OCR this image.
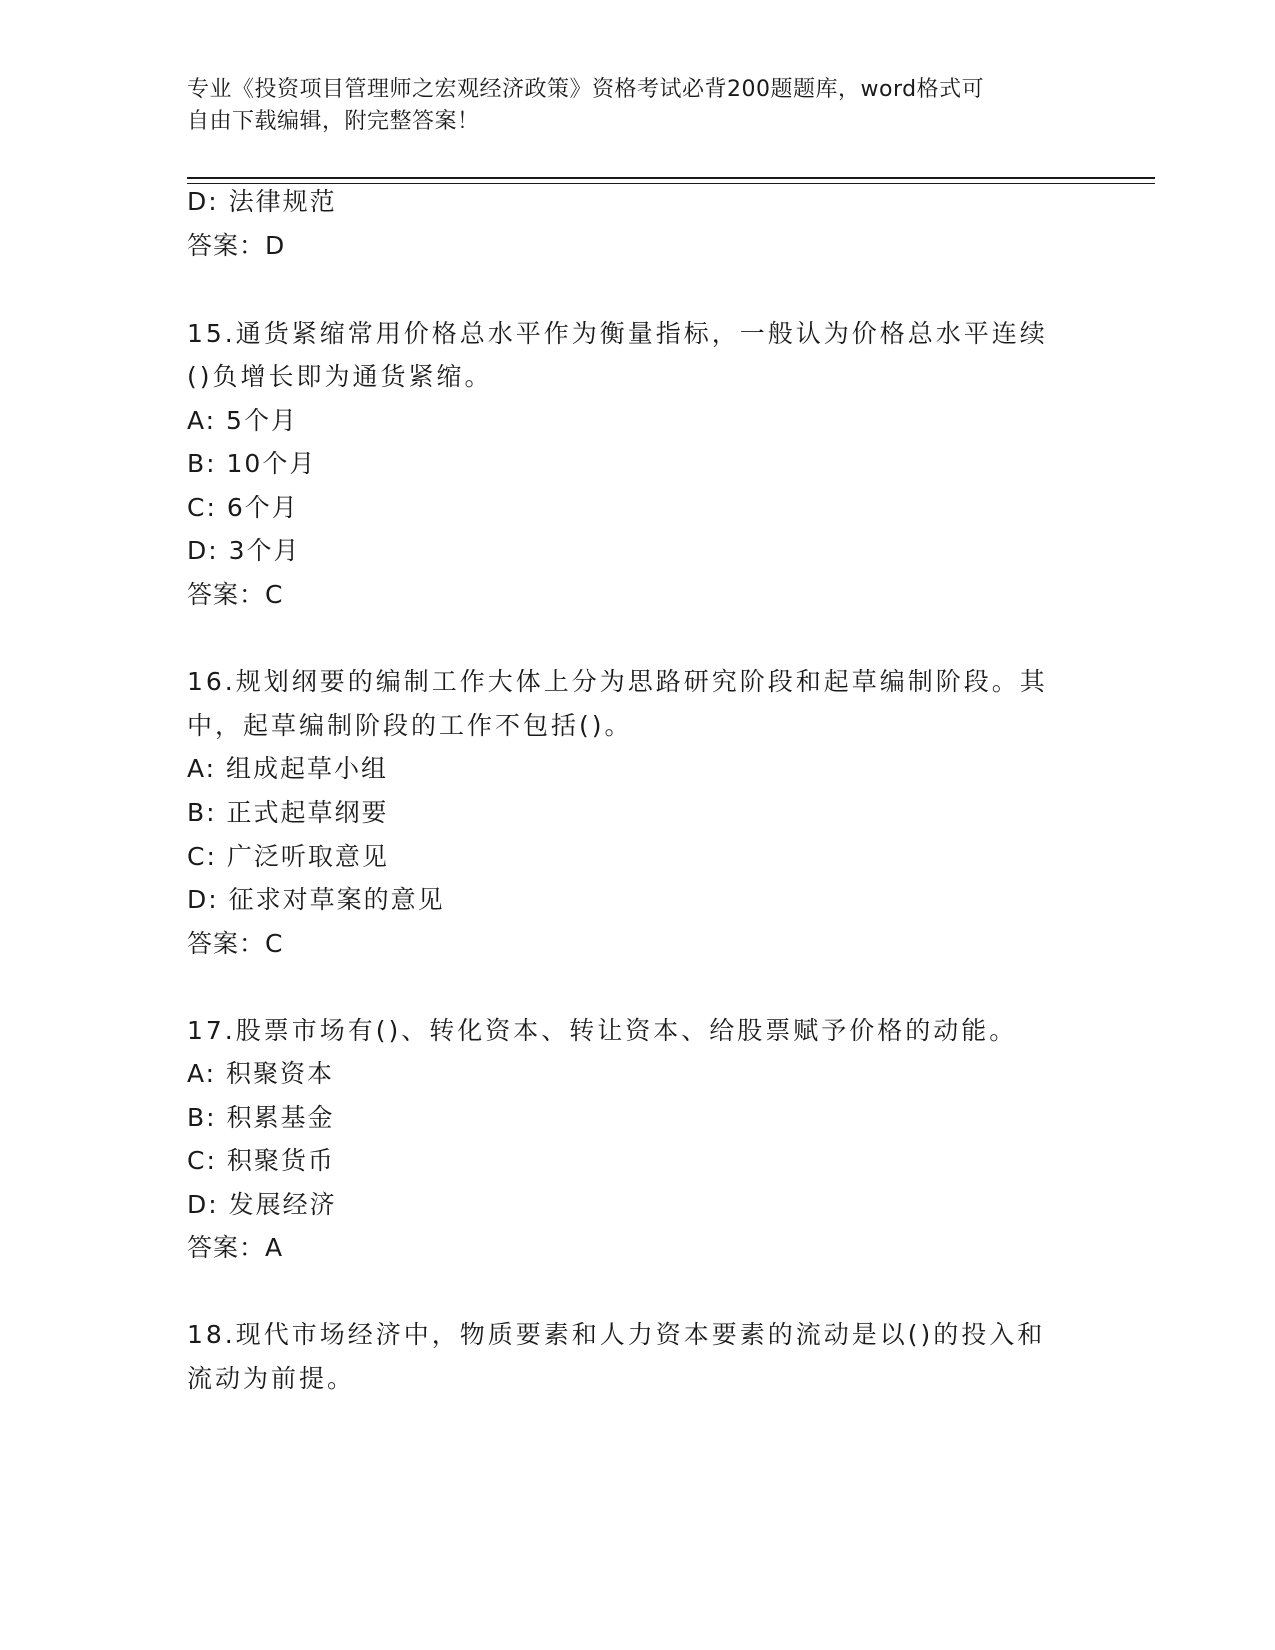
专业《投资项目管理师之宏观经济政策》资格考试必背200题题库，word格式可
自由下载编辑，附完整答案！
D: 法律规范
答案：D
15.通货紧缩常用价格总水平作为衡量指标，一般认为价格总水平连续
()负增长即为通货紧缩。
A: 5个月
B: 10个月
C: 6个月
D: 3个月
答案：C
16.规划纲要的编制工作大体上分为思路研究阶段和起草编制阶段。其
中，起草编制阶段的工作不包括()。
A: 组成起草小组
B: 正式起草纲要
C: 广泛听取意见
D: 征求对草案的意见
答案：C
17.股票市场有()、转化资本、转让资本、给股票赋予价格的动能。
A: 积聚资本
B: 积累基金
C: 积聚货币
D: 发展经济
答案：A
18.现代市场经济中，物质要素和人力资本要素的流动是以()的投入和
流动为前提。
